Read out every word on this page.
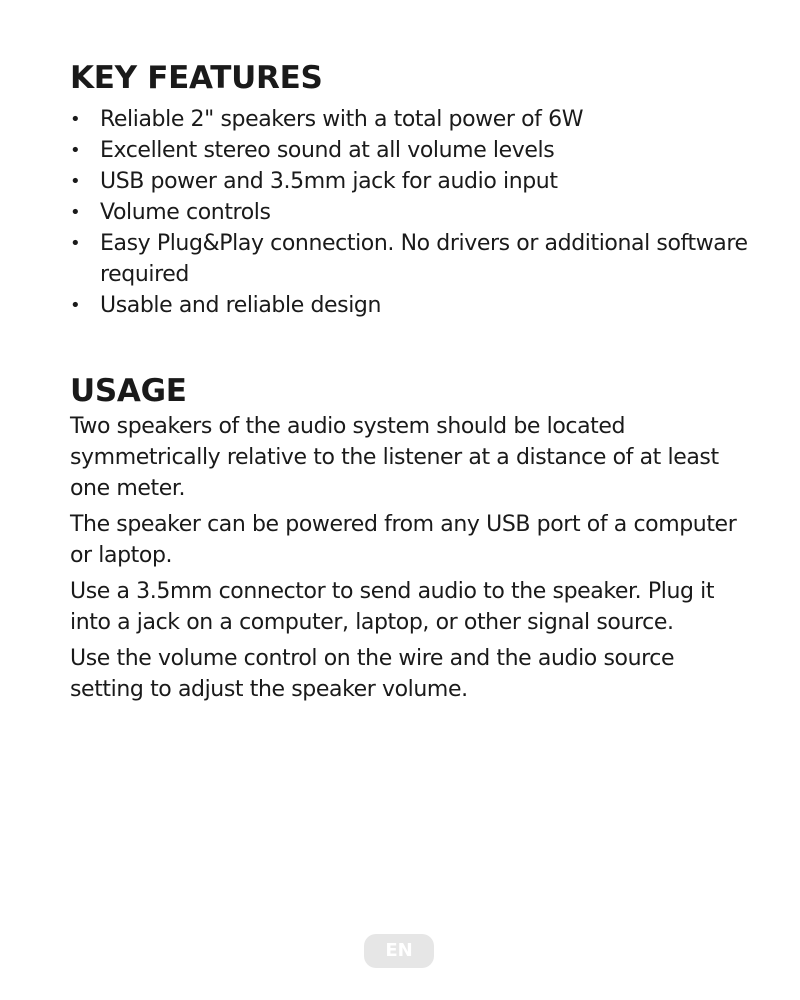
KEY FEATURES
• Reliable 2" speakers with a total power of 6W
• Excellent stereo sound at all volume levels
• USB power and 3.5mm jack for audio input
• Volume controls
• Easy Plug&Play connection. No drivers or additional software required
• Usable and reliable design
USAGE

Two speakers of the audio system should be located symmetrically relative to the listener at a distance of at least one meter.

The speaker can be powered from any USB port of a computer or laptop.

Use a 3.5mm connector to send audio to the speaker. Plug it into a jack on a computer, laptop, or other signal source.

Use the volume control on the wire and the audio source setting to adjust the speaker volume.

EN
